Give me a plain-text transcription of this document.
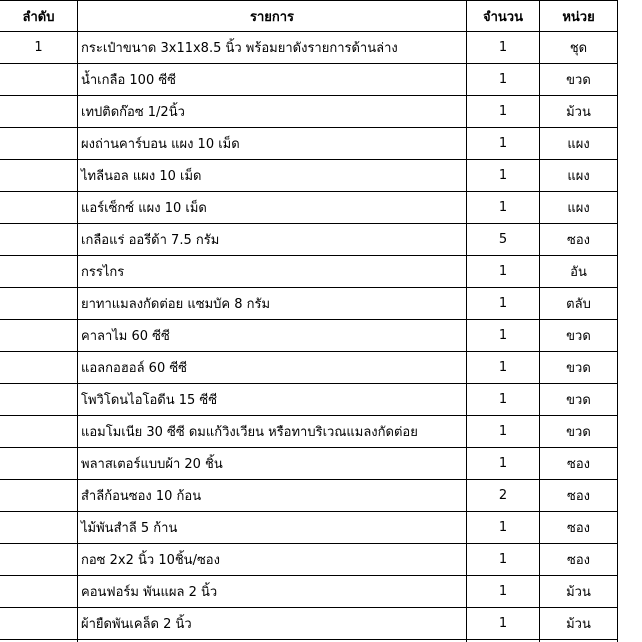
ลำดับ	รายการ	จำนวน	หน่วย
1	กระเป๋าขนาด 3x11x8.5 นิ้ว พร้อมยาดังรายการด้านล่าง	1	ชุด
	น้ำเกลือ 100 ซีซี	1	ขวด
	เทปติดก๊อซ 1/2นิ้ว	1	ม้วน
	ผงถ่านคาร์บอน แผง 10 เม็ด	1	แผง
	ไทลีนอล แผง 10 เม็ด	1	แผง
	แอร์เซ็กซ์ แผง 10 เม็ด	1	แผง
	เกลือแร่ ออรีด้า 7.5 กรัม	5	ซอง
	กรรไกร	1	อัน
	ยาทาแมลงกัดต่อย แซมบัค 8 กรัม	1	ตลับ
	คาลาไม 60 ซีซี	1	ขวด
	แอลกอฮอล์ 60 ซีซี	1	ขวด
	โพวิโดนไอโอดีน 15 ซีซี	1	ขวด
	แอมโมเนีย 30 ซีซี ดมแก้วิงเวียน หรือทาบริเวณแมลงกัดต่อย	1	ขวด
	พลาสเตอร์แบบผ้า 20 ชิ้น	1	ซอง
	สำลีก้อนซอง 10 ก้อน	2	ซอง
	ไม้พันสำลี 5 ก้าน	1	ซอง
	กอซ 2x2 นิ้ว 10ชิ้น/ซอง	1	ซอง
	คอนฟอร์ม พันแผล 2 นิ้ว	1	ม้วน
	ผ้ายืดพันเคล็ด 2 นิ้ว	1	ม้วน
